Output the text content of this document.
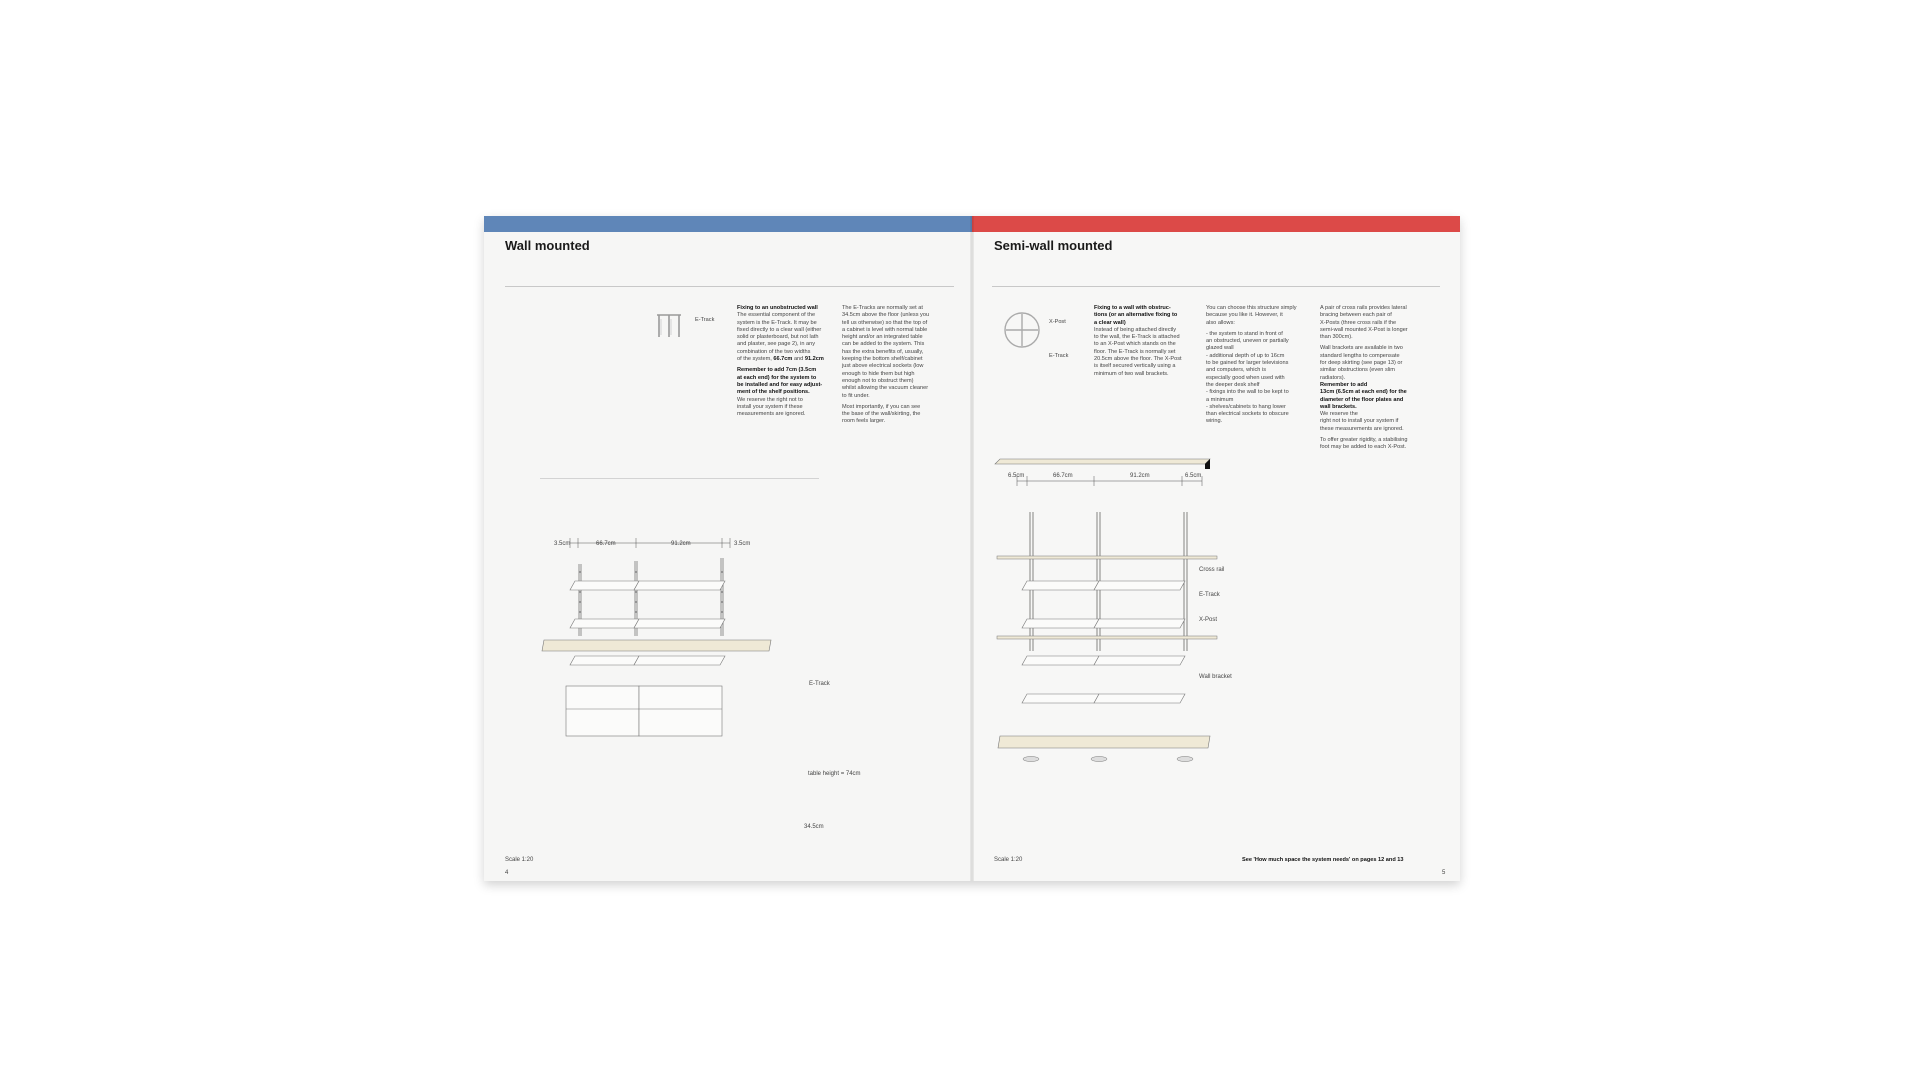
Wall mounted
E-Track

Fixing to an unobstructed wall
The essential component of the
system is the E-Track. It may be
fixed directly to a clear wall (either
solid or plasterboard, but not lath
and plaster, see page 2), in any
combination of the two widths
of the system, 66.7cm and 91.2cm

Remember to add 7cm (3.5cm
at each end) for the system to
be installed and for easy adjust-
ment of the shelf positions.
We reserve the right not to
install your system if these
measurements are ignored.

The E-Tracks are normally set at
34.5cm above the floor (unless you
tell us otherwise) so that the top of
a cabinet is level with normal table
height and/or an integrated table
can be added to the system. This
has the extra benefits of, usually,
keeping the bottom shelf/cabinet
just above electrical sockets (low
enough to hide them but high
enough not to obstruct them)
whilst allowing the vacuum cleaner
to fit under.

Most importantly, if you can see
the base of the wall/skirting, the
room feels larger.

3.5cm	66.7cm	91.2cm	3.5cm
E-Track
table height = 74cm
34.5cm
Scale 1:20
4
Semi-wall mounted
X-Post
E-Track

Fixing to a wall with obstruc-
tions (or an alternative fixing to
a clear wall)
Instead of being attached directly
to the wall, the E-Track is attached
to an X-Post which stands on the
floor. The E-Track is normally set
20.5cm above the floor. The X-Post
is itself secured vertically using a
minimum of two wall brackets.

You can choose this structure simply
because you like it. However, it
also allows:

- the system to stand in front of
an obstructed, uneven or partially
glazed wall
- additional depth of up to 16cm
to be gained for larger televisions
and computers, which is
especially good when used with
the deeper desk shelf
- fixings into the wall to be kept to
a minimum
- shelves/cabinets to hang lower
than electrical sockets to obscure
wiring.

A pair of cross rails provides lateral
bracing between each pair of
X-Posts (three cross rails if the
semi-wall mounted X-Post is longer
than 300cm).

Wall brackets are available in two
standard lengths to compensate
for deep skirting (see page 13) or
similar obstructions (even slim
radiators).
Remember to add
13cm (6.5cm at each end) for the
diameter of the floor plates and
wall brackets.
We reserve the
right not to install your system if
these measurements are ignored.

To offer greater rigidity, a stabilising
foot may be added to each X-Post.

6.5cm	66.7cm	91.2cm	6.5cm
Cross rail
E-Track
X-Post
Wall bracket
Scale 1:20	See 'How much space the system needs' on pages 12 and 13
5
